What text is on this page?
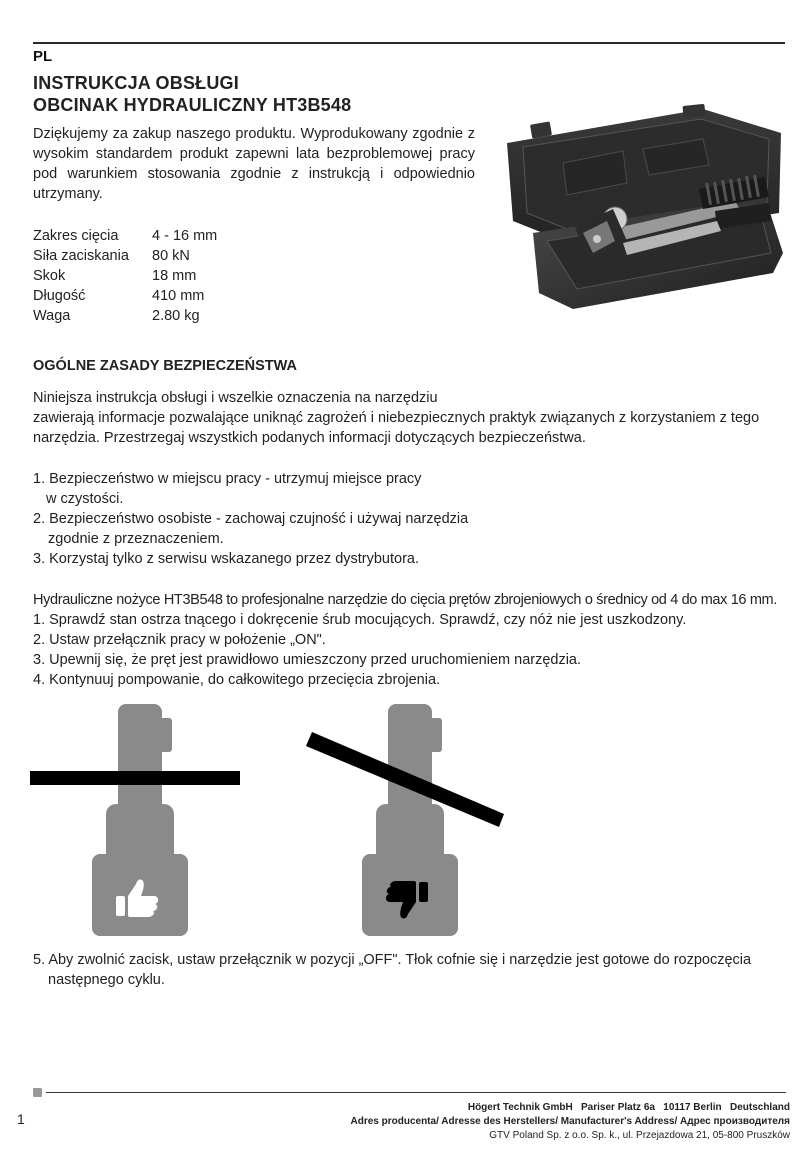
PL
INSTRUKCJA OBSŁUGI
OBCINAK HYDRAULICZNY HT3B548
Dziękujemy za zakup naszego produktu. Wyprodukowany zgodnie z wysokim standardem produkt zapewni lata bezproblemowej pracy pod warunkiem stosowania zgodnie z instrukcją i odpowiednio utrzymany.
Zakres cięcia	4 - 16 mm
Siła zaciskania	80 kN
Skok	18 mm
Długość	410 mm
Waga	2.80 kg
OGÓLNE ZASADY BEZPIECZEŃSTWA
Niniejsza instrukcja obsługi i wszelkie oznaczenia na narzędziu
zawierają informacje pozwalające uniknąć zagrożeń i niebezpiecznych praktyk związanych z korzystaniem z tego
narzędzia. Przestrzegaj wszystkich podanych informacji dotyczących bezpieczeństwa.
1. Bezpieczeństwo w miejscu pracy - utrzymuj miejsce pracy
w czystości.
2. Bezpieczeństwo osobiste - zachowaj czujność i używaj narzędzia
zgodnie z przeznaczeniem.
3. Korzystaj tylko z serwisu wskazanego przez dystrybutora.
Hydrauliczne nożyce HT3B548 to profesjonalne narzędzie do cięcia prętów zbrojeniowych o średnicy od 4 do max 16 mm.
1. Sprawdź stan ostrza tnącego i dokręcenie śrub mocujących. Sprawdź, czy nóż nie jest uszkodzony.
2. Ustaw przełącznik pracy w położenie „ON".
3. Upewnij się, że pręt jest prawidłowo umieszczony przed uruchomieniem narzędzia.
4. Kontynuuj pompowanie, do całkowitego przecięcia zbrojenia.
5. Aby zwolnić zacisk, ustaw przełącznik w pozycji „OFF". Tłok cofnie się i narzędzie jest gotowe do rozpoczęcia
następnego cyklu.
1
Högert Technik GmbH   Pariser Platz 6a   10117 Berlin   Deutschland
Adres producenta/ Adresse des Herstellers/ Manufacturer's Address/ Адрес производителя
GTV Poland Sp. z o.o. Sp. k., ul. Przejazdowa 21, 05-800 Pruszków
